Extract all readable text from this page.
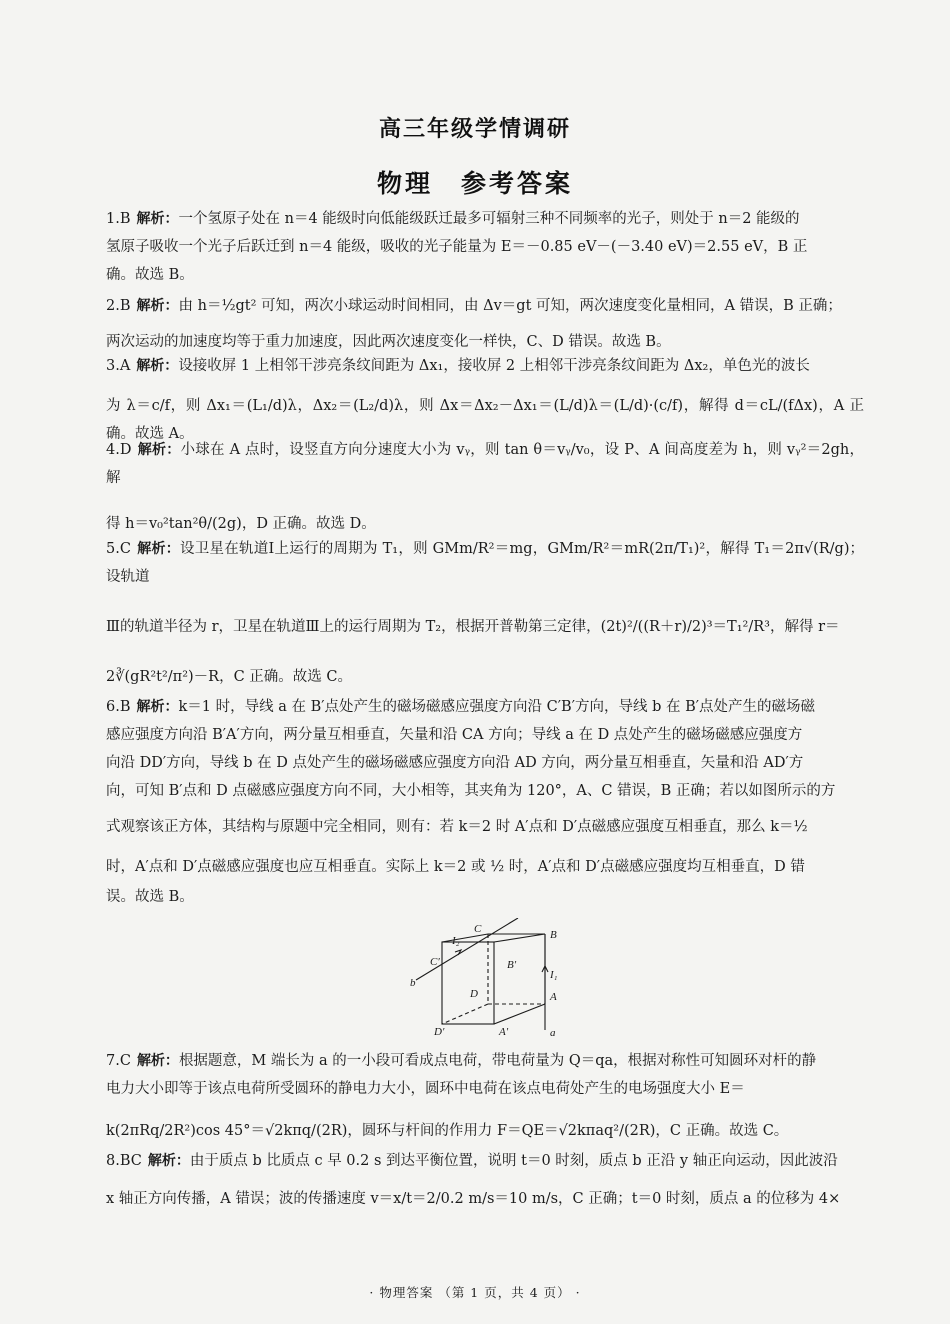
高三年级学情调研
物理　参考答案
1.B 解析：一个氢原子处在 n＝4 能级时向低能级跃迁最多可辐射三种不同频率的光子，则处于 n＝2 能级的
氢原子吸收一个光子后跃迁到 n＝4 能级，吸收的光子能量为 E＝－0.85 eV－(－3.40 eV)＝2.55 eV，B 正
确。故选 B。
2.B 解析：由 h＝½gt² 可知，两次小球运动时间相同，由 Δv＝gt 可知，两次速度变化量相同，A 错误，B 正确；
两次运动的加速度均等于重力加速度，因此两次速度变化一样快，C、D 错误。故选 B。
3.A 解析：设接收屏 1 上相邻干涉亮条纹间距为 Δx₁，接收屏 2 上相邻干涉亮条纹间距为 Δx₂，单色光的波长
为 λ＝c/f，则 Δx₁＝(L₁/d)λ，Δx₂＝(L₂/d)λ，则 Δx＝Δx₂－Δx₁＝(L/d)λ＝(L/d)·(c/f)，解得 d＝cL/(fΔx)，A 正确。故选 A。
4.D 解析：小球在 A 点时，设竖直方向分速度大小为 vᵧ，则 tan θ＝vᵧ/v₀，设 P、A 间高度差为 h，则 vᵧ²＝2gh，解
得 h＝v₀²tan²θ/(2g)，D 正确。故选 D。
5.C 解析：设卫星在轨道Ⅰ上运行的周期为 T₁，则 GMm/R²＝mg，GMm/R²＝mR(2π/T₁)²，解得 T₁＝2π√(R/g)；设轨道
Ⅲ的轨道半径为 r，卫星在轨道Ⅲ上的运行周期为 T₂，根据开普勒第三定律，(2t)²/((R＋r)/2)³＝T₁²/R³，解得 r＝
2∛(gR²t²/π²)－R，C 正确。故选 C。
6.B 解析：k＝1 时，导线 a 在 B′点处产生的磁场磁感应强度方向沿 C′B′方向，导线 b 在 B′点处产生的磁场磁
感应强度方向沿 B′A′方向，两分量互相垂直，矢量和沿 CA 方向；导线 a 在 D 点处产生的磁场磁感应强度方
向沿 DD′方向，导线 b 在 D 点处产生的磁场磁感应强度方向沿 AD 方向，两分量互相垂直，矢量和沿 AD′方
向，可知 B′点和 D 点磁感应强度方向不同，大小相等，其夹角为 120°，A、C 错误，B 正确；若以如图所示的方
式观察该正方体，其结构与原题中完全相同，则有：若 k＝2 时 A′点和 D′点磁感应强度互相垂直，那么 k＝½
时，A′点和 D′点磁感应强度也应互相垂直。实际上 k＝2 或 ½ 时，A′点和 D′点磁感应强度均互相垂直，D 错
误。故选 B。
C
C′
B
B′
D
D′
A
A′	a
b
I₁
I₂
7.C 解析：根据题意，M 端长为 a 的一小段可看成点电荷，带电荷量为 Q＝qa，根据对称性可知圆环对杆的静
电力大小即等于该点电荷所受圆环的静电力大小，圆环中电荷在该点电荷处产生的电场强度大小 E＝
k(2πRq/2R²)cos 45°＝√2kπq/(2R)，圆环与杆间的作用力 F＝QE＝√2kπaq²/(2R)，C 正确。故选 C。
8.BC 解析：由于质点 b 比质点 c 早 0.2 s 到达平衡位置，说明 t＝0 时刻，质点 b 正沿 y 轴正向运动，因此波沿
x 轴正方向传播，A 错误；波的传播速度 v＝x/t＝2/0.2 m/s＝10 m/s，C 正确；t＝0 时刻，质点 a 的位移为 4×
· 物理答案 （第 1 页，共 4 页） ·
